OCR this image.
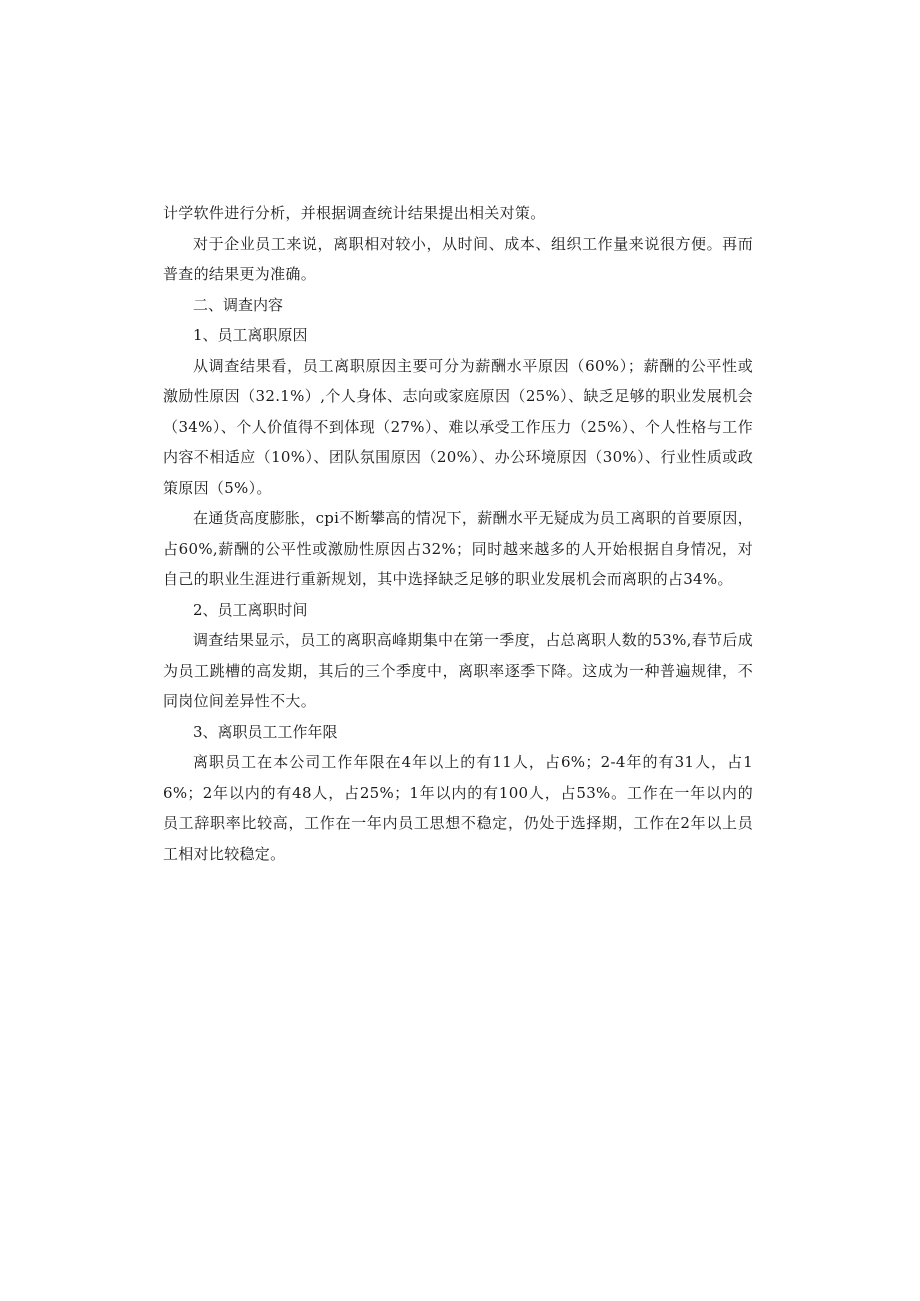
计学软件进行分析，并根据调查统计结果提出相关对策。

对于企业员工来说，离职相对较小，从时间、成本、组织工作量来说很方便。再而普查的结果更为准确。

二、调查内容

1、员工离职原因

从调查结果看，员工离职原因主要可分为薪酬水平原因（60%）；薪酬的公平性或激励性原因（32.1%）,个人身体、志向或家庭原因（25%）、缺乏足够的职业发展机会（34%）、个人价值得不到体现（27%）、难以承受工作压力（25%）、个人性格与工作内容不相适应（10%）、团队氛围原因（20%）、办公环境原因（30%）、行业性质或政策原因（5%）。

在通货高度膨胀，cpi不断攀高的情况下，薪酬水平无疑成为员工离职的首要原因，占60%,薪酬的公平性或激励性原因占32%；同时越来越多的人开始根据自身情况，对自己的职业生涯进行重新规划，其中选择缺乏足够的职业发展机会而离职的占34%。

2、员工离职时间

调查结果显示，员工的离职高峰期集中在第一季度，占总离职人数的53%,春节后成为员工跳槽的高发期，其后的三个季度中，离职率逐季下降。这成为一种普遍规律，不同岗位间差异性不大。

3、离职员工工作年限

离职员工在本公司工作年限在4年以上的有11人，占6%；2-4年的有31人，占16%；2年以内的有48人，占25%；1年以内的有100人，占53%。工作在一年以内的员工辞职率比较高，工作在一年内员工思想不稳定，仍处于选择期，工作在2年以上员工相对比较稳定。
